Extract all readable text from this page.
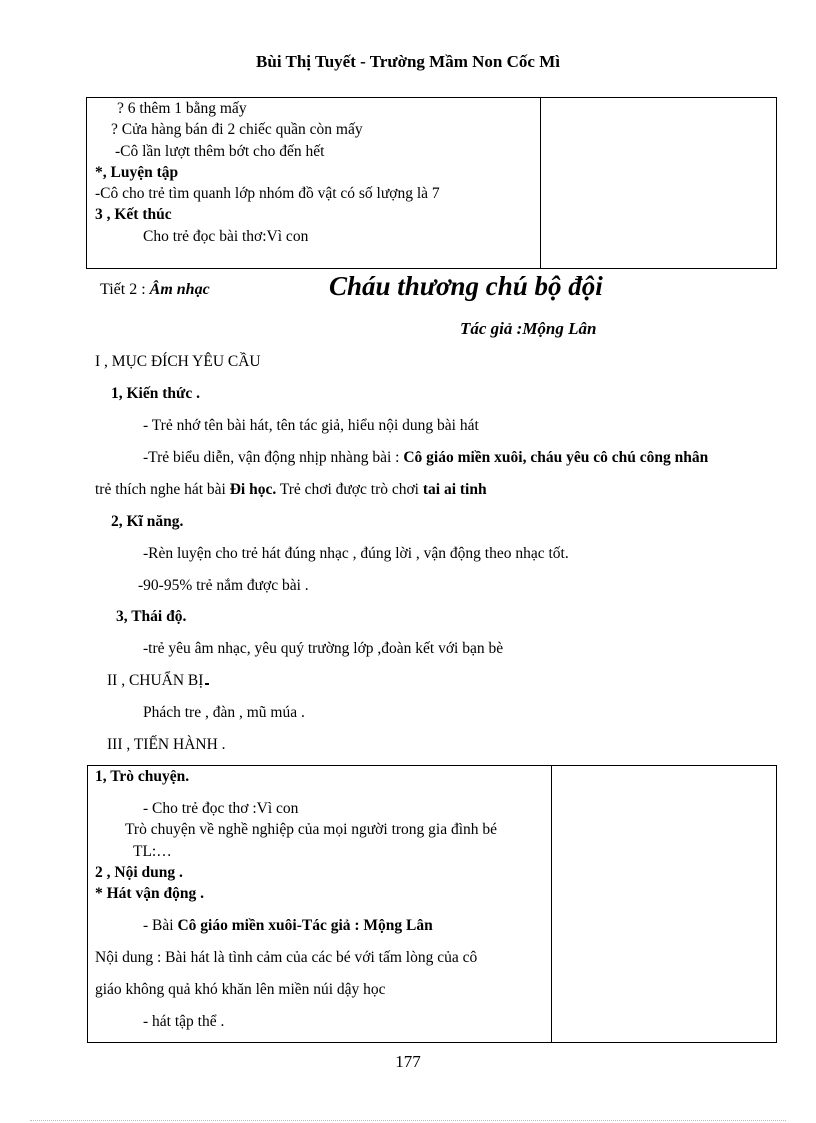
Bùi Thị Tuyết - Trường Mầm Non Cốc Mì
? 6 thêm 1 bằng mấy
? Cửa hàng bán đi 2 chiếc quần còn mấy
-Cô lần lượt thêm bớt cho đến hết
*, Luyện tập
-Cô cho trẻ tìm quanh lớp nhóm đồ vật có số lượng là 7
3 , Kết thúc
Cho trẻ đọc bài thơ:Vì con
Tiết 2 : Âm nhạc	Cháu thương chú bộ đội
Tác giả :Mộng Lân
I , MỤC ĐÍCH YÊU CẦU
1, Kiến thức .
- Trẻ nhớ tên bài hát, tên tác giả, hiểu nội dung bài hát
-Trẻ biểu diễn, vận động nhịp nhàng bài : Cô giáo miền xuôi, cháu yêu cô chú công nhân
trẻ thích nghe hát bài Đi học. Trẻ chơi được trò chơi tai ai tinh
2, Kĩ năng.
-Rèn luyện cho trẻ hát đúng nhạc , đúng lời , vận động theo nhạc tốt.
-90-95% trẻ nắm được bài .
3, Thái độ.
-trẻ yêu âm nhạc, yêu quý trường lớp ,đoàn kết với bạn bè
II , CHUẨN BỊ
Phách tre , đàn , mũ múa .
III , TIẾN HÀNH .
1, Trò chuyện.
- Cho trẻ đọc thơ :Vì con
Trò chuyện về nghề nghiệp của mọi người trong gia đình bé
TL:…
2 , Nội dung .
* Hát vận động .
- Bài Cô giáo miền xuôi-Tác giả : Mộng Lân
Nội dung : Bài hát là tình cảm của các bé với tấm lòng của cô
giáo không quả khó khăn lên miền núi dậy học
- hát tập thể .
177
